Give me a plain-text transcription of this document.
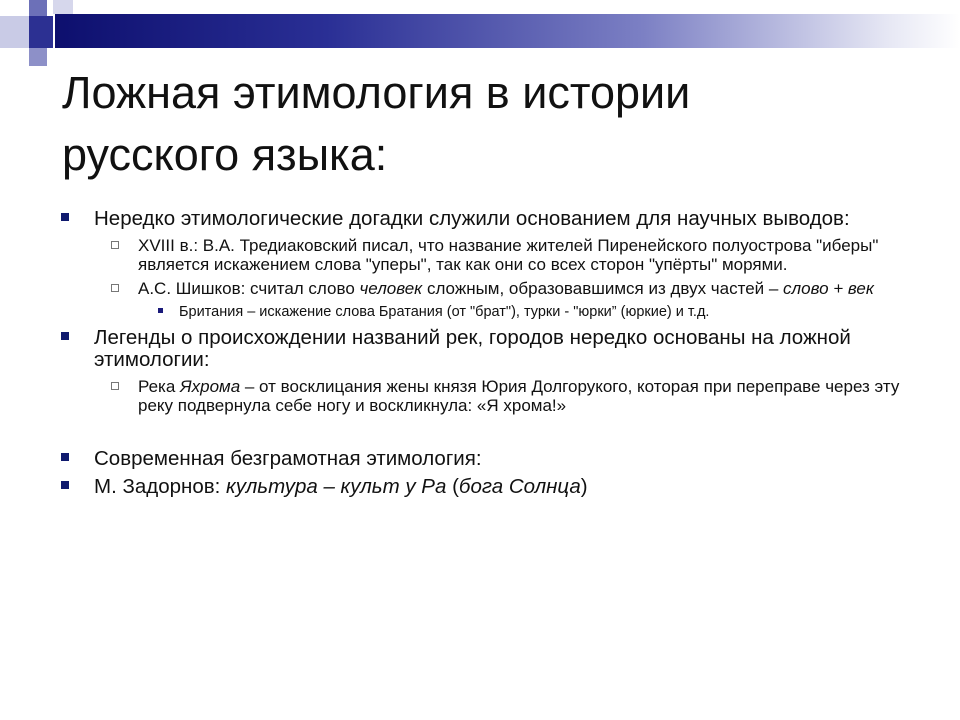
Ложная этимология в истории
русского языка:
Нередко этимологические догадки служили основанием для научных выводов:
XVIII в.: В.А. Тредиаковский писал, что название жителей Пиренейского полуострова "иберы" является искажением слова "уперы", так как они со всех сторон "упёрты" морями.
А.С. Шишков: считал слово человек сложным, образовавшимся из двух частей – слово + век
Британия – искажение слова Братания (от "брат"), турки - "юрки” (юркие) и т.д.
Легенды о происхождении названий рек, городов нередко основаны на ложной этимологии:
Река Яхрома – от восклицания жены князя Юрия Долгорукого, которая при переправе через эту реку подвернула себе ногу и воскликнула: «Я хрома!»
Современная безграмотная этимология:
М. Задорнов: культура – культ у Ра (бога Солнца)
